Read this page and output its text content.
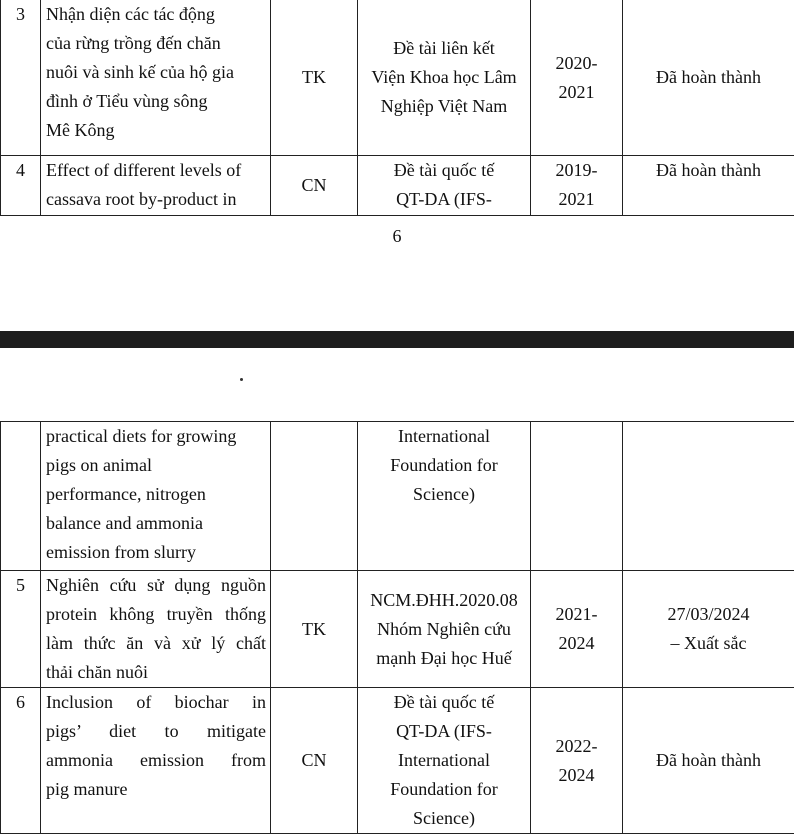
3	Nhận diện các tác động
của rừng trồng đến chăn
nuôi và sinh kế của hộ gia
đình ở Tiểu vùng sông
Mê Kông	TK	Đề tài liên kết
Viện Khoa học Lâm
Nghiệp Việt Nam	2020-
2021	Đã hoàn thành

4	Effect of different levels of
cassava root by-product in	CN	Đề tài quốc tế
QT-DA (IFS-	2019-
2021	Đã hoàn thành
6

	practical diets for growing
pigs on animal
performance, nitrogen
balance and ammonia
emission from slurry		International
Foundation for
Science)		

5	Nghiên cứu sử dụng nguồn
protein không truyền thống
làm thức ăn và xử lý chất
thải chăn nuôi	TK	NCM.ĐHH.2020.08
Nhóm Nghiên cứu
mạnh Đại học Huế	2021-
2024	27/03/2024
– Xuất sắc

6	Inclusion of biochar in
pigs’ diet to mitigate
ammonia emission from
pig manure	CN	Đề tài quốc tế
QT-DA (IFS-
International
Foundation for
Science)	2022-
2024	Đã hoàn thành
